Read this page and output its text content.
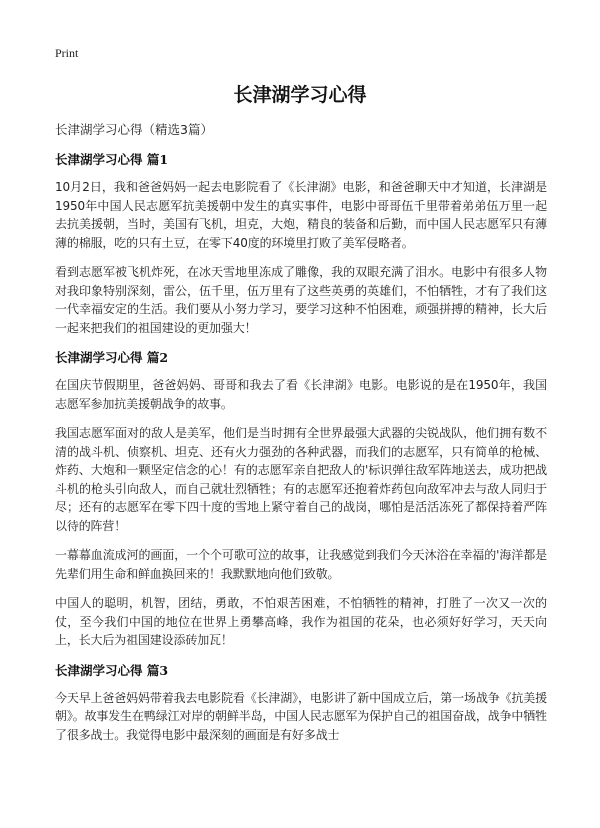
Print
长津湖学习心得
长津湖学习心得（精选3篇）
长津湖学习心得 篇1

10月2日，我和爸爸妈妈一起去电影院看了《长津湖》电影，和爸爸聊天中才知道，长津湖是1950年中国人民志愿军抗美援朝中发生的真实事件，电影中哥哥伍千里带着弟弟伍万里一起去抗美援朝，当时，美国有飞机，坦克，大炮，精良的装备和后勤，而中国人民志愿军只有薄薄的棉服，吃的只有土豆，在零下40度的环境里打败了美军侵略者。

看到志愿军被飞机炸死，在冰天雪地里冻成了雕像，我的双眼充满了泪水。电影中有很多人物对我印象特别深刻，雷公，伍千里，伍万里有了这些英勇的英雄们，不怕牺牲，才有了我们这一代幸福安定的生活。我们要从小努力学习，要学习这种不怕困难，顽强拼搏的精神，长大后一起来把我们的祖国建设的更加强大！

长津湖学习心得 篇2

在国庆节假期里，爸爸妈妈、哥哥和我去了看《长津湖》电影。电影说的是在1950年，我国志愿军参加抗美援朝战争的故事。

我国志愿军面对的敌人是美军，他们是当时拥有全世界最强大武器的尖锐战队，他们拥有数不清的战斗机、侦察机、坦克、还有火力强劲的各种武器，而我们的志愿军，只有简单的枪械、炸药、大炮和一颗坚定信念的心！有的志愿军亲自把敌人的'标识弹往敌军阵地送去，成功把战斗机的枪头引向敌人，而自己就壮烈牺牲；有的志愿军还抱着炸药包向敌军冲去与敌人同归于尽；还有的志愿军在零下四十度的雪地上紧守着自己的战岗，哪怕是活活冻死了都保持着严阵以待的阵营！

一幕幕血流成河的画面，一个个可歌可泣的故事，让我感觉到我们今天沐浴在幸福的'海洋都是先辈们用生命和鲜血换回来的！我默默地向他们致敬。

中国人的聪明，机智，团结，勇敢，不怕艰苦困难，不怕牺牲的精神，打胜了一次又一次的仗，至今我们中国的地位在世界上勇攀高峰，我作为祖国的花朵，也必须好好学习，天天向上，长大后为祖国建设添砖加瓦！

长津湖学习心得 篇3

今天早上爸爸妈妈带着我去电影院看《长津湖》，电影讲了新中国成立后，第一场战争《抗美援朝》。故事发生在鸭绿江对岸的朝鲜半岛，中国人民志愿军为保护自己的祖国奋战，战争中牺牲了很多战士。我觉得电影中最深刻的画面是有好多战士
